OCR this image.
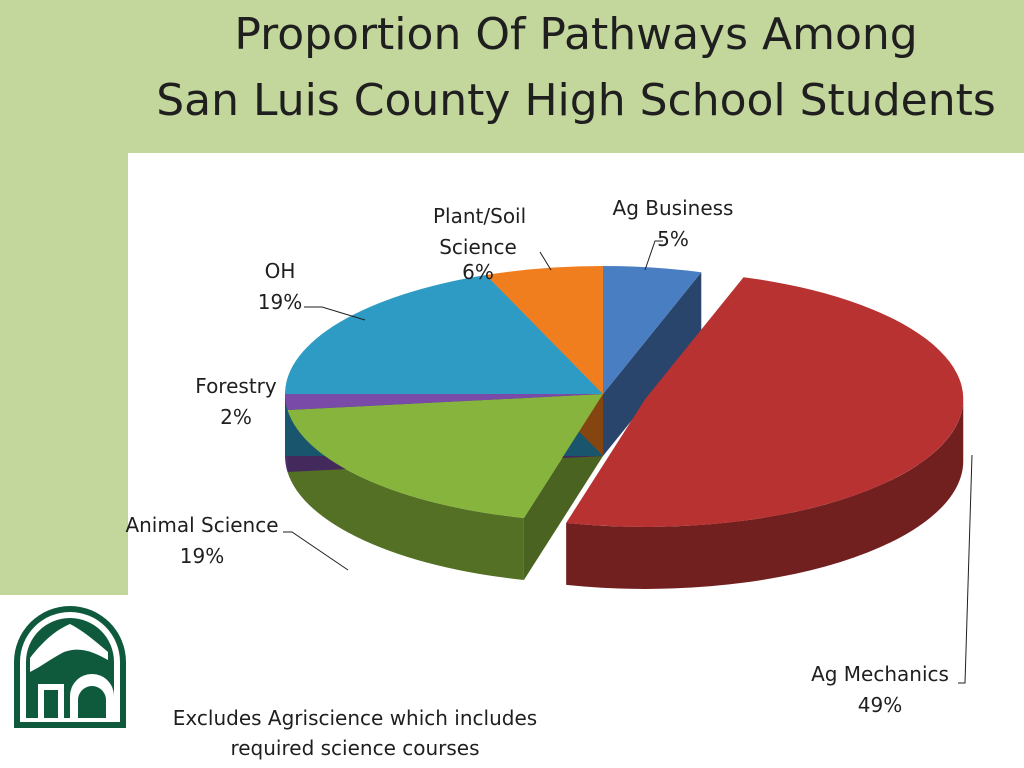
Proportion Of Pathways Among
San Luis County High School Students
Ag Business
5%
Plant/Soil Science
6%
OH
19%
Forestry
2%
Animal Science
19%
Ag Mechanics
49%
Excludes Agriscience which includes required science courses
